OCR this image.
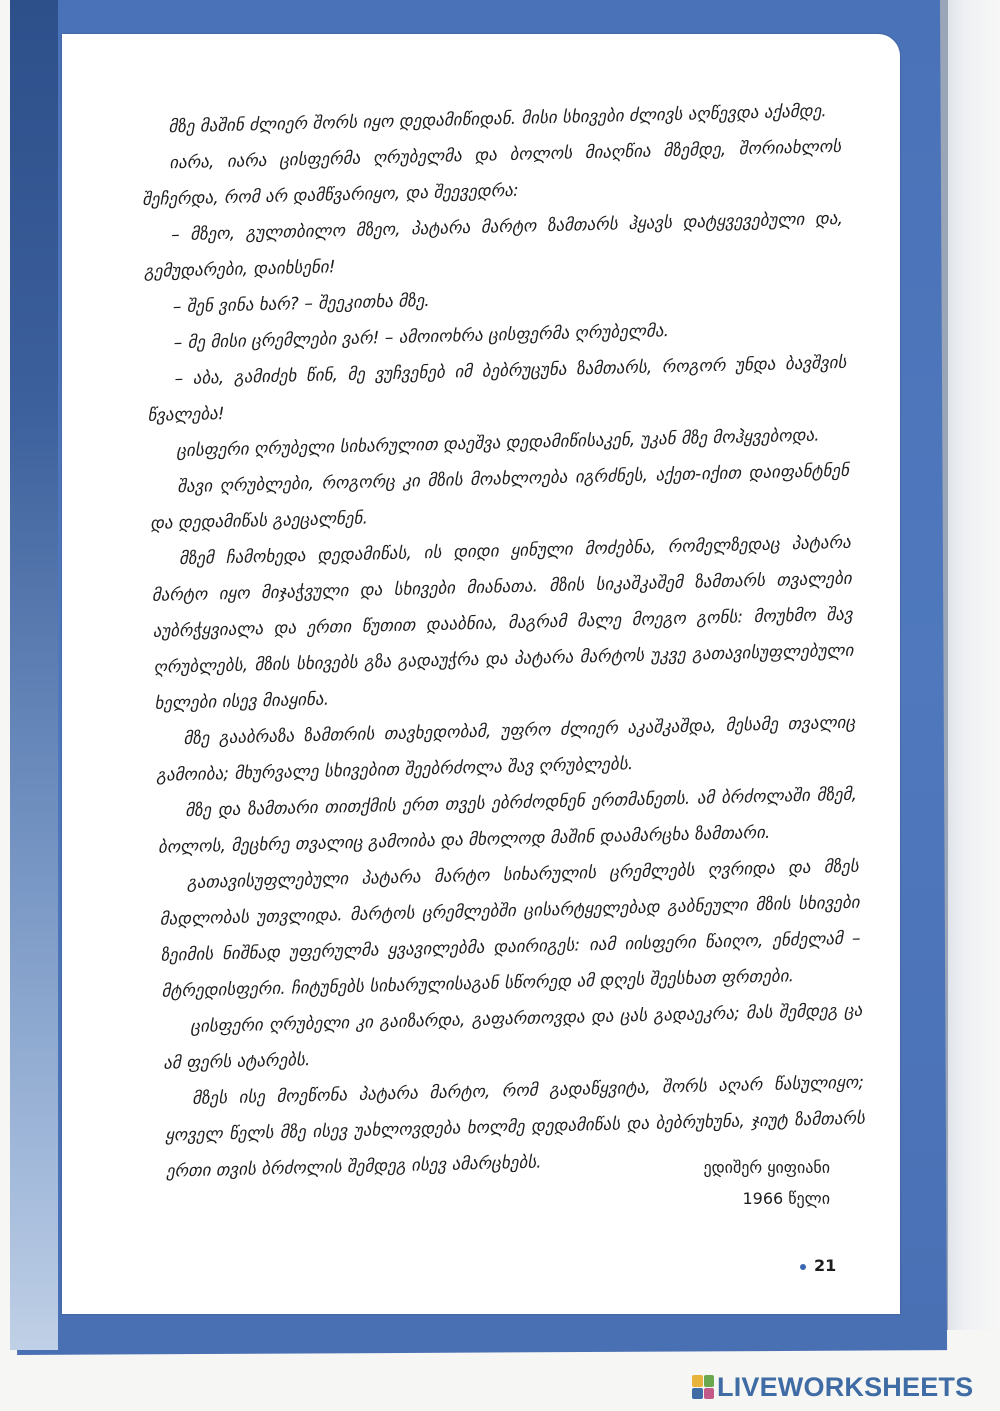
მზე მაშინ ძლიერ შორს იყო დედამიწიდან. მისი სხივები ძლივს აღწევდა აქამდე.

იარა, იარა ცისფერმა ღრუბელმა და ბოლოს მიაღწია მზემდე, შორიახლოს შეჩერდა, რომ არ დამწვარიყო, და შეევედრა:

– მზეო, გულთბილო მზეო, პატარა მარტო ზამთარს ჰყავს დატყვევებული და, გემუდარები, დაიხსენი!

– შენ ვინა ხარ? – შეეკითხა მზე.

– მე მისი ცრემლები ვარ! – ამოიოხრა ცისფერმა ღრუბელმა.

– აბა, გამიძეხ წინ, მე ვუჩვენებ იმ ბებრუცუნა ზამთარს, როგორ უნდა ბავშვის წვალება!

ცისფერი ღრუბელი სიხარულით დაეშვა დედამიწისაკენ, უკან მზე მოჰყვებოდა.

შავი ღრუბლები, როგორც კი მზის მოახლოება იგრძნეს, აქეთ-იქით დაიფანტნენ და დედამიწას გაეცალნენ.

მზემ ჩამოხედა დედამიწას, ის დიდი ყინული მოძებნა, რომელზედაც პატარა მარტო იყო მიჯაჭვული და სხივები მიანათა. მზის სიკაშკაშემ ზამთარს თვალები აუბრჭყვიალა და ერთი წუთით დააბნია, მაგრამ მალე მოეგო გონს: მოუხმო შავ ღრუბლებს, მზის სხივებს გზა გადაუჭრა და პატარა მარტოს უკვე გათავისუფლებული ხელები ისევ მიაყინა.

მზე გააბრაზა ზამთრის თავხედობამ, უფრო ძლიერ აკაშკაშდა, მესამე თვალიც გამოიბა; მხურვალე სხივებით შეებრძოლა შავ ღრუბლებს.

მზე და ზამთარი თითქმის ერთ თვეს ებრძოდნენ ერთმანეთს. ამ ბრძოლაში მზემ, ბოლოს, მეცხრე თვალიც გამოიბა და მხოლოდ მაშინ დაამარცხა ზამთარი.

გათავისუფლებული პატარა მარტო სიხარულის ცრემლებს ღვრიდა და მზეს მადლობას უთვლიდა. მარტოს ცრემლებში ცისარტყელებად გაბნეული მზის სხივები ზეიმის ნიშნად უფერულმა ყვავილებმა დაირიგეს: იამ იისფერი წაიღო, ენძელამ – მტრედისფერი. ჩიტუნებს სიხარულისაგან სწორედ ამ დღეს შეესხათ ფრთები.

ცისფერი ღრუბელი კი გაიზარდა, გაფართოვდა და ცას გადაეკრა; მას შემდეგ ცა ამ ფერს ატარებს.

მზეს ისე მოეწონა პატარა მარტო, რომ გადაწყვიტა, შორს აღარ წასულიყო; ყოველ წელს მზე ისევ უახლოვდება ხოლმე დედამიწას და ბებრუხუნა, ჯიუტ ზამთარს ერთი თვის ბრძოლის შემდეგ ისევ ამარცხებს.	ედიშერ ყიფიანი
1966 წელი
21
LIVEWORKSHEETS
